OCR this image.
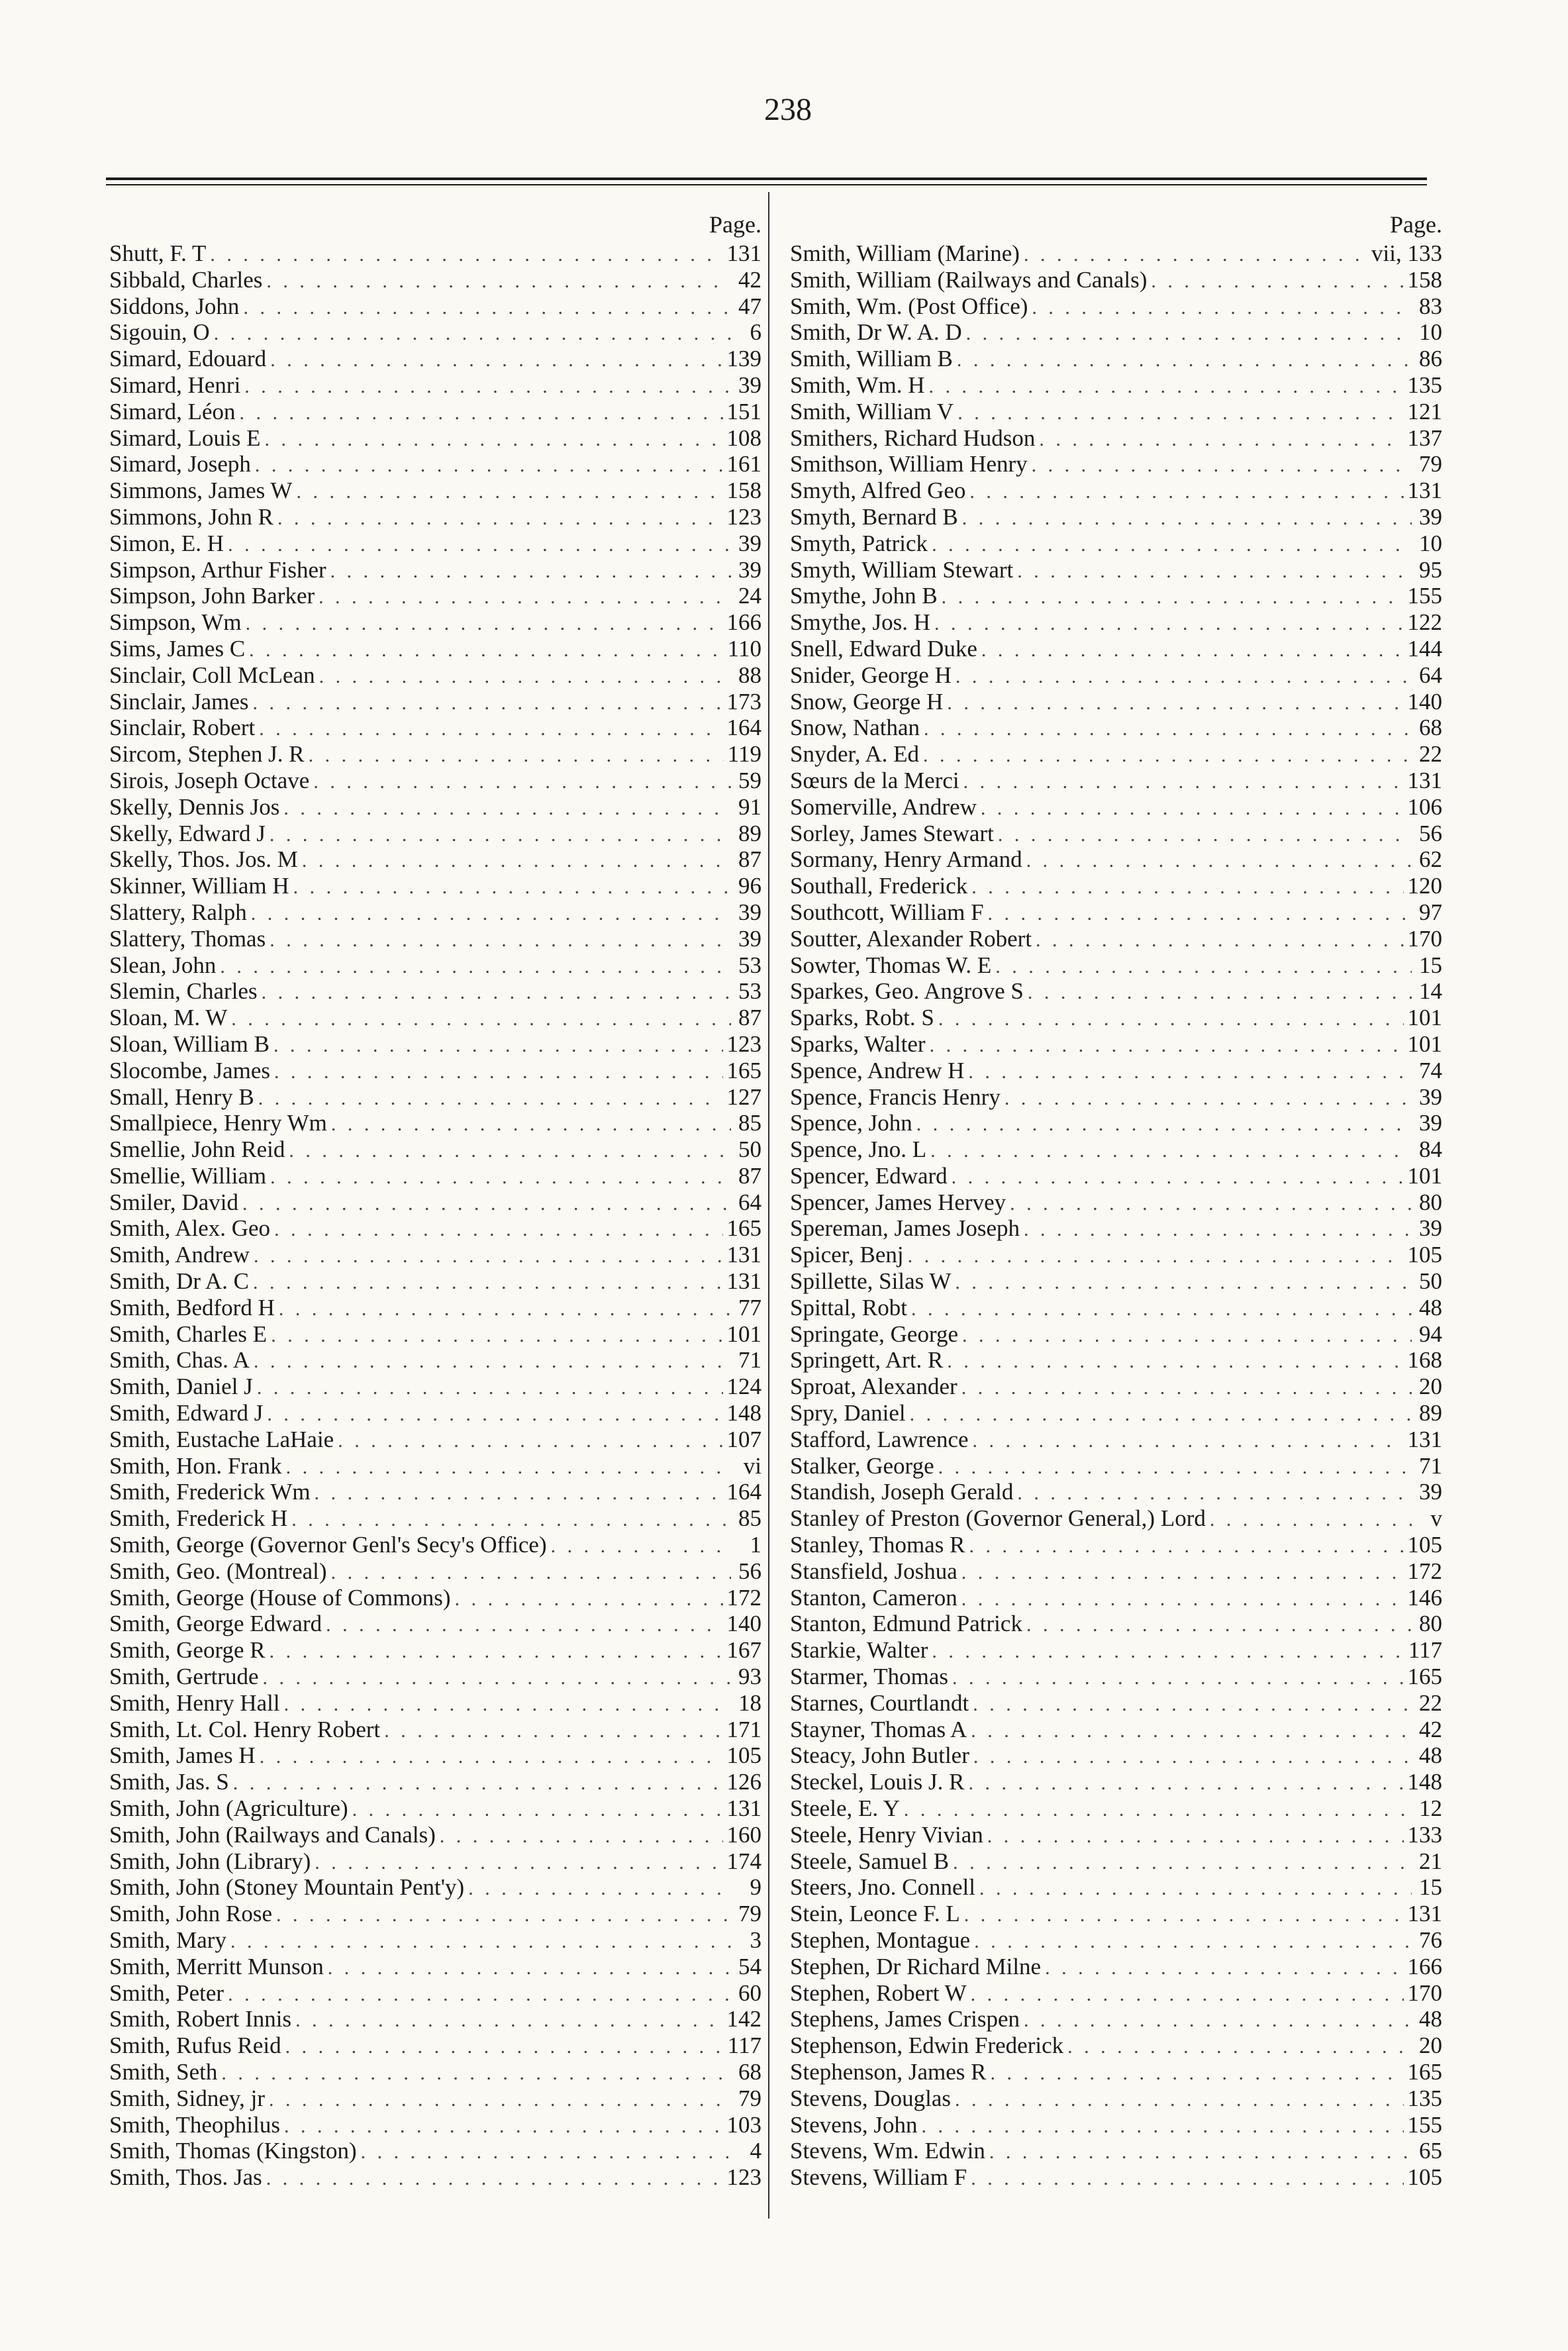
238
Page.
Shutt, F. T . . .	131
Sibbald, Charles . . .	42
Siddons, John . . .	47
Sigouin, O . . .	6
Simard, Edouard . . .	139
Simard, Henri . . .	39
Simard, Léon . . .	151
Simard, Louis E . . .	108
Simard, Joseph . . .	161
Simmons, James W . . .	158
Simmons, John R . . .	123
Simon, E. H . . .	39
Simpson, Arthur Fisher . . .	39
Simpson, John Barker . . .	24
Simpson, Wm . . .	166
Sims, James C . . .	110
Sinclair, Coll McLean . . .	88
Sinclair, James . . .	173
Sinclair, Robert . . .	164
Sircom, Stephen J. R . . .	119
Sirois, Joseph Octave . . .	59
Skelly, Dennis Jos . . .	91
Skelly, Edward J . . .	89
Skelly, Thos. Jos. M . . .	87
Skinner, William H . . .	96
Slattery, Ralph . . .	39
Slattery, Thomas . . .	39
Slean, John . . .	53
Slemin, Charles . . .	53
Sloan, M. W . . .	87
Sloan, William B . . .	123
Slocombe, James . . .	165
Small, Henry B . . .	127
Smallpiece, Henry Wm . . .	85
Smellie, John Reid . . .	50
Smellie, William . . .	87
Smiler, David . . .	64
Smith, Alex. Geo . . .	165
Smith, Andrew . . .	131
Smith, Dr A. C . . .	131
Smith, Bedford H . . .	77
Smith, Charles E . . .	101
Smith, Chas. A . . .	71
Smith, Daniel J . . .	124
Smith, Edward J . . .	148
Smith, Eustache LaHaie . . .	107
Smith, Hon. Frank . . .	vi
Smith, Frederick Wm . . .	164
Smith, Frederick H . . .	85
Smith, George (Governor Genl's Secy's Office) . . .	1
Smith, Geo. (Montreal) . . .	56
Smith, George (House of Commons) . . .	172
Smith, George Edward . . .	140
Smith, George R . . .	167
Smith, Gertrude . . .	93
Smith, Henry Hall . . .	18
Smith, Lt. Col. Henry Robert . . .	171
Smith, James H . . .	105
Smith, Jas. S . . .	126
Smith, John (Agriculture) . . .	131
Smith, John (Railways and Canals) . . .	160
Smith, John (Library) . . .	174
Smith, John (Stoney Mountain Pent'y) . . .	9
Smith, John Rose . . .	79
Smith, Mary . . .	3
Smith, Merritt Munson . . .	54
Smith, Peter . . .	60
Smith, Robert Innis . . .	142
Smith, Rufus Reid . . .	117
Smith, Seth . . .	68
Smith, Sidney, jr . . .	79
Smith, Theophilus . . .	103
Smith, Thomas (Kingston) . . .	4
Smith, Thos. Jas . . .	123
Page.
Smith, William (Marine) . . .	vii, 133
Smith, William (Railways and Canals) . . .	158
Smith, Wm. (Post Office) . . .	83
Smith, Dr W. A. D . . .	10
Smith, William B . . .	86
Smith, Wm. H . . .	135
Smith, William V . . .	121
Smithers, Richard Hudson . . .	137
Smithson, William Henry . . .	79
Smyth, Alfred Geo . . .	131
Smyth, Bernard B . . .	39
Smyth, Patrick . . .	10
Smyth, William Stewart . . .	95
Smythe, John B . . .	155
Smythe, Jos. H . . .	122
Snell, Edward Duke . . .	144
Snider, George H . . .	64
Snow, George H . . .	140
Snow, Nathan . . .	68
Snyder, A. Ed . . .	22
Sœurs de la Merci . . .	131
Somerville, Andrew . . .	106
Sorley, James Stewart . . .	56
Sormany, Henry Armand . . .	62
Southall, Frederick . . .	120
Southcott, William F . . .	97
Soutter, Alexander Robert . . .	170
Sowter, Thomas W. E . . .	15
Sparkes, Geo. Angrove S . . .	14
Sparks, Robt. S . . .	101
Sparks, Walter . . .	101
Spence, Andrew H . . .	74
Spence, Francis Henry . . .	39
Spence, John . . .	39
Spence, Jno. L . . .	84
Spencer, Edward . . .	101
Spencer, James Hervey . . .	80
Spereman, James Joseph . . .	39
Spicer, Benj . . .	105
Spillette, Silas W . . .	50
Spittal, Robt . . .	48
Springate, George . . .	94
Springett, Art. R . . .	168
Sproat, Alexander . . .	20
Spry, Daniel . . .	89
Stafford, Lawrence . . .	131
Stalker, George . . .	71
Standish, Joseph Gerald . . .	39
Stanley of Preston (Governor General,) Lord . . .	v
Stanley, Thomas R . . .	105
Stansfield, Joshua . . .	172
Stanton, Cameron . . .	146
Stanton, Edmund Patrick . . .	80
Starkie, Walter . . .	117
Starmer, Thomas . . .	165
Starnes, Courtlandt . . .	22
Stayner, Thomas A . . .	42
Steacy, John Butler . . .	48
Steckel, Louis J. R . . .	148
Steele, E. Y . . .	12
Steele, Henry Vivian . . .	133
Steele, Samuel B . . .	21
Steers, Jno. Connell . . .	15
Stein, Leonce F. L . . .	131
Stephen, Montague . . .	76
Stephen, Dr Richard Milne . . .	166
Stephen, Robert W . . .	170
Stephens, James Crispen . . .	48
Stephenson, Edwin Frederick . . .	20
Stephenson, James R . . .	165
Stevens, Douglas . . .	135
Stevens, John . . .	155
Stevens, Wm. Edwin . . .	65
Stevens, William F . . .	105
